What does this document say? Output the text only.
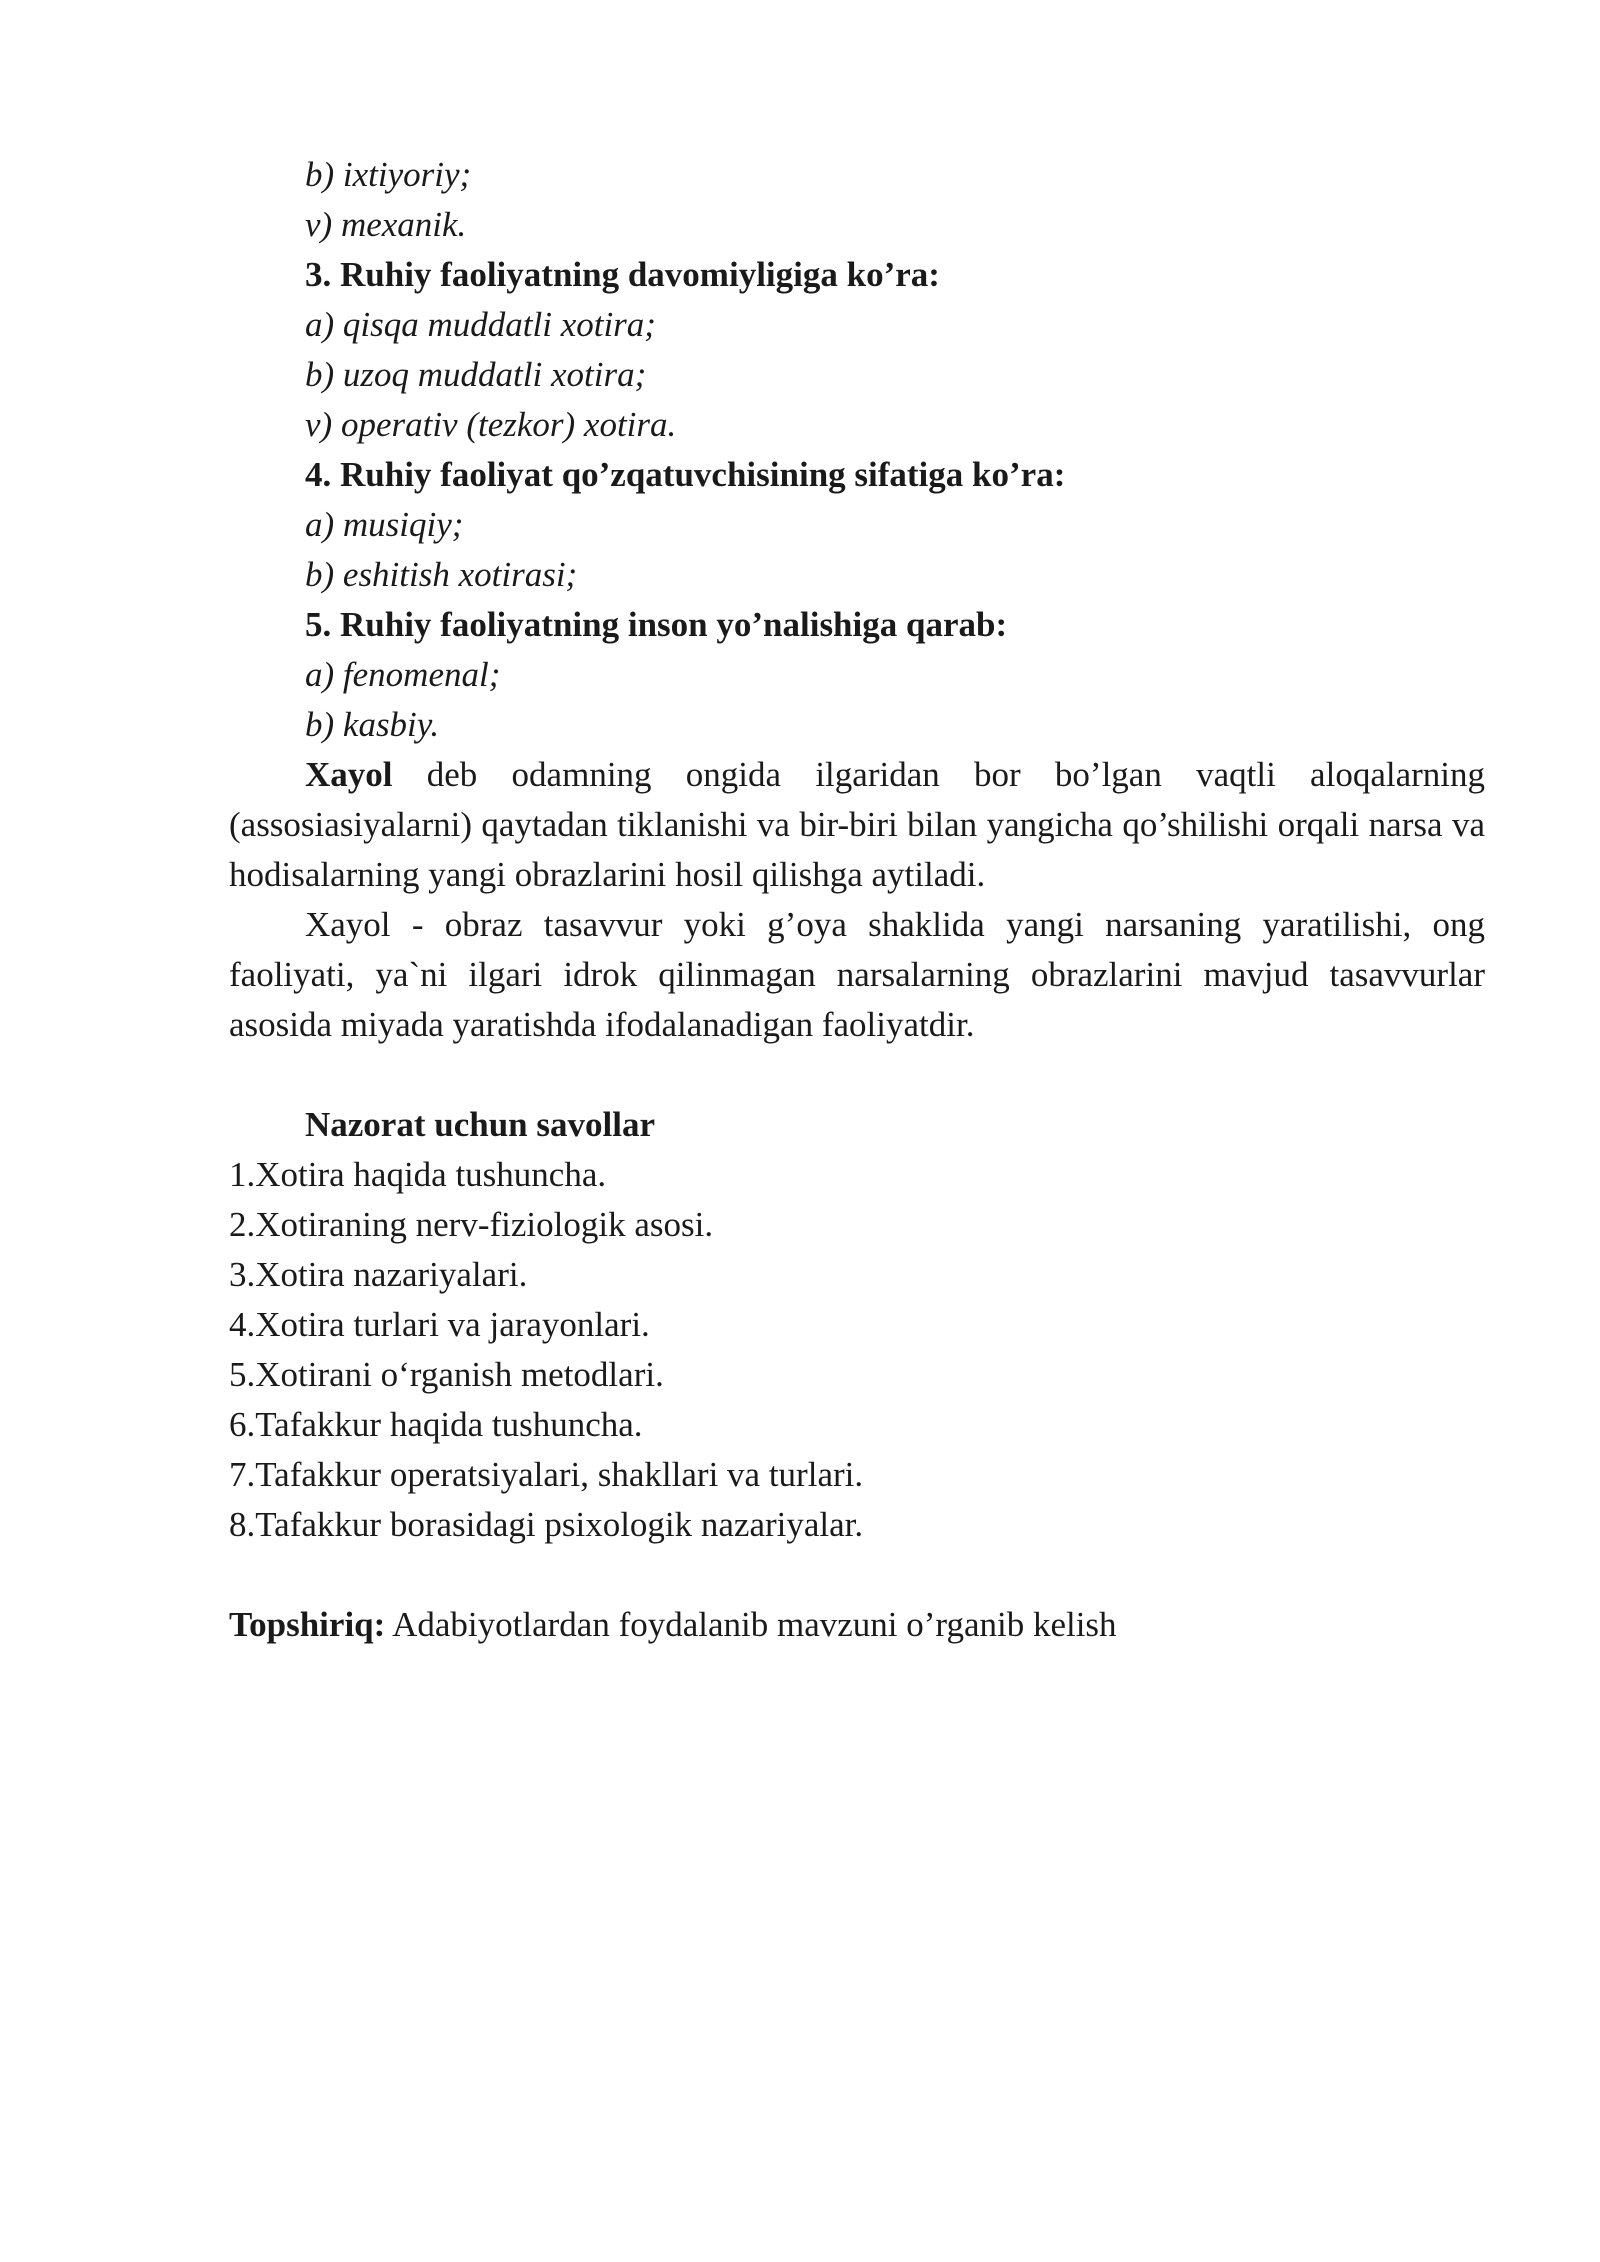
b) ixtiyoriy;
v) mexanik.
3. Ruhiy faoliyatning davomiyligiga ko’ra:
a) qisqa muddatli xotira;
b) uzoq muddatli xotira;
v) operativ (tezkor) xotira.
4. Ruhiy faoliyat qo’zqatuvchisining sifatiga ko’ra:
a) musiqiy;
b) eshitish xotirasi;
5. Ruhiy faoliyatning inson yo’nalishiga qarab:
a) fenomenal;
b) kasbiy.

Xayol deb odamning ongida ilgaridan bor bo’lgan vaqtli aloqalarning (assosiasiyalarni) qaytadan tiklanishi va bir-biri bilan yangicha qo’shilishi orqali narsa va hodisalarning yangi obrazlarini hosil qilishga aytiladi.

Xayol - obraz tasavvur yoki g’oya shaklida yangi narsaning yaratilishi, ong faoliyati, ya`ni ilgari idrok qilinmagan narsalarning obrazlarini mavjud tasavvurlar asosida miyada yaratishda ifodalanadigan faoliyatdir.

Nazorat uchun savollar
1.Xotira haqida tushuncha.
2.Xotiraning nerv-fiziologik asosi.
3.Xotira nazariyalari.
4.Xotira turlari va jarayonlari.
5.Xotirani o‘rganish metodlari.
6.Tafakkur haqida tushuncha.
7.Tafakkur operatsiyalari, shakllari va turlari.
8.Tafakkur borasidagi psixologik nazariyalar.
Topshiriq: Adabiyotlardan foydalanib mavzuni o’rganib kelish
